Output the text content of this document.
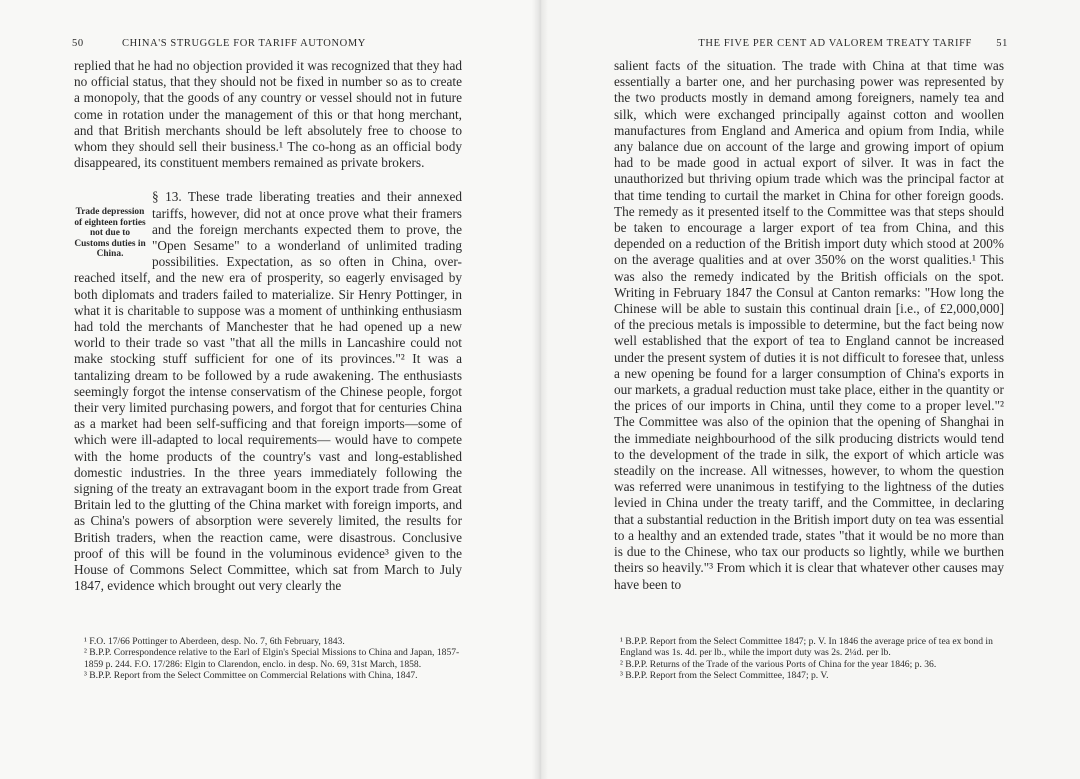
50	CHINA'S STRUGGLE FOR TARIFF AUTONOMY

replied that he had no objection provided it was recognized that they had no official status, that they should not be fixed in number so as to create a monopoly, that the goods of any country or vessel should not in future come in rotation under the management of this or that hong merchant, and that British merchants should be left absolutely free to choose to whom they should sell their business.¹ The co-hong as an official body disappeared, its constituent members remained as private brokers.

Trade depression of eighteen forties not due to Customs duties in China.

§ 13. These trade liberating treaties and their annexed tariffs, however, did not at once prove what their framers and the foreign merchants expected them to prove, the "Open Sesame" to a wonderland of unlimited trading possibilities. Expectation, as so often in China, over-reached itself, and the new era of prosperity, so eagerly envisaged by both diplomats and traders failed to materialize. Sir Henry Pottinger, in what it is charitable to suppose was a moment of unthinking enthusiasm had told the merchants of Manchester that he had opened up a new world to their trade so vast "that all the mills in Lancashire could not make stocking stuff sufficient for one of its provinces."² It was a tantalizing dream to be followed by a rude awakening. The enthusiasts seemingly forgot the intense conservatism of the Chinese people, forgot their very limited purchasing powers, and forgot that for centuries China as a market had been self-sufficing and that foreign imports—some of which were ill-adapted to local requirements— would have to compete with the home products of the country's vast and long-established domestic industries. In the three years immediately following the signing of the treaty an extravagant boom in the export trade from Great Britain led to the glutting of the China market with foreign imports, and as China's powers of absorption were severely limited, the results for British traders, when the reaction came, were disastrous. Conclusive proof of this will be found in the voluminous evidence³ given to the House of Commons Select Committee, which sat from March to July 1847, evidence which brought out very clearly the

¹ F.O. 17/66 Pottinger to Aberdeen, desp. No. 7, 6th February, 1843.

² B.P.P. Correspondence relative to the Earl of Elgin's Special Missions to China and Japan, 1857-1859 p. 244. F.O. 17/286: Elgin to Clarendon, enclo. in desp. No. 69, 31st March, 1858.

³ B.P.P. Report from the Select Committee on Commercial Relations with China, 1847.

THE FIVE PER CENT AD VALOREM TREATY TARIFF 51

salient facts of the situation. The trade with China at that time was essentially a barter one, and her purchasing power was represented by the two products mostly in demand among foreigners, namely tea and silk, which were exchanged principally against cotton and woollen manufactures from England and America and opium from India, while any balance due on account of the large and growing import of opium had to be made good in actual export of silver. It was in fact the unauthorized but thriving opium trade which was the principal factor at that time tending to curtail the market in China for other foreign goods. The remedy as it presented itself to the Committee was that steps should be taken to encourage a larger export of tea from China, and this depended on a reduction of the British import duty which stood at 200% on the average qualities and at over 350% on the worst qualities.¹ This was also the remedy indicated by the British officials on the spot. Writing in February 1847 the Consul at Canton remarks: "How long the Chinese will be able to sustain this continual drain [i.e., of £2,000,000] of the precious metals is impossible to determine, but the fact being now well established that the export of tea to England cannot be increased under the present system of duties it is not difficult to foresee that, unless a new opening be found for a larger consumption of China's exports in our markets, a gradual reduction must take place, either in the quantity or the prices of our imports in China, until they come to a proper level."² The Committee was also of the opinion that the opening of Shanghai in the immediate neighbourhood of the silk producing districts would tend to the development of the trade in silk, the export of which article was steadily on the increase. All witnesses, however, to whom the question was referred were unanimous in testifying to the lightness of the duties levied in China under the treaty tariff, and the Committee, in declaring that a substantial reduction in the British import duty on tea was essential to a healthy and an extended trade, states "that it would be no more than is due to the Chinese, who tax our products so lightly, while we burthen theirs so heavily."³ From which it is clear that whatever other causes may have been to

¹ B.P.P. Report from the Select Committee 1847; p. V. In 1846 the average price of tea ex bond in England was 1s. 4d. per lb., while the import duty was 2s. 2¼d. per lb.

² B.P.P. Returns of the Trade of the various Ports of China for the year 1846; p. 36.

³ B.P.P. Report from the Select Committee, 1847; p. V.
